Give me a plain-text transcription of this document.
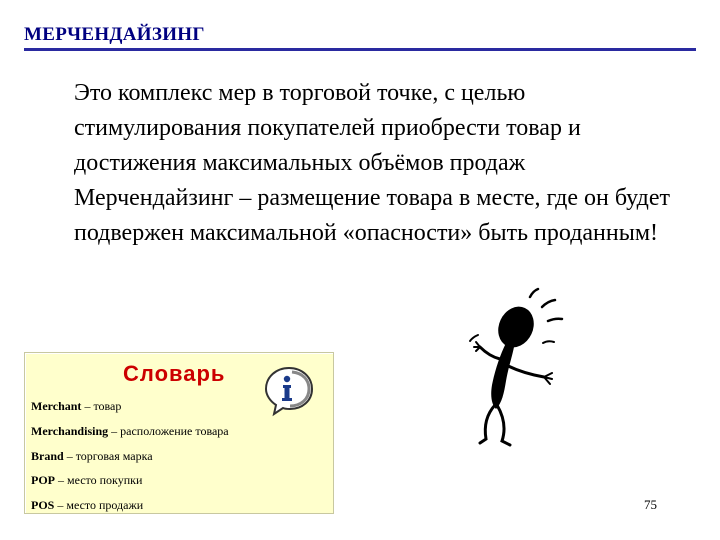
МЕРЧЕНДАЙЗИНГ
Это комплекс мер в торговой точке, с целью стимулирования покупателей приобрести товар и достижения максимальных объёмов продаж
Мерчендайзинг – размещение товара в месте, где он будет подвержен максимальной «опасности» быть проданным!
Словарь
Merchant – товар
Merchandising – расположение товара
Brand – торговая марка
POP – место покупки
POS – место продажи	75
